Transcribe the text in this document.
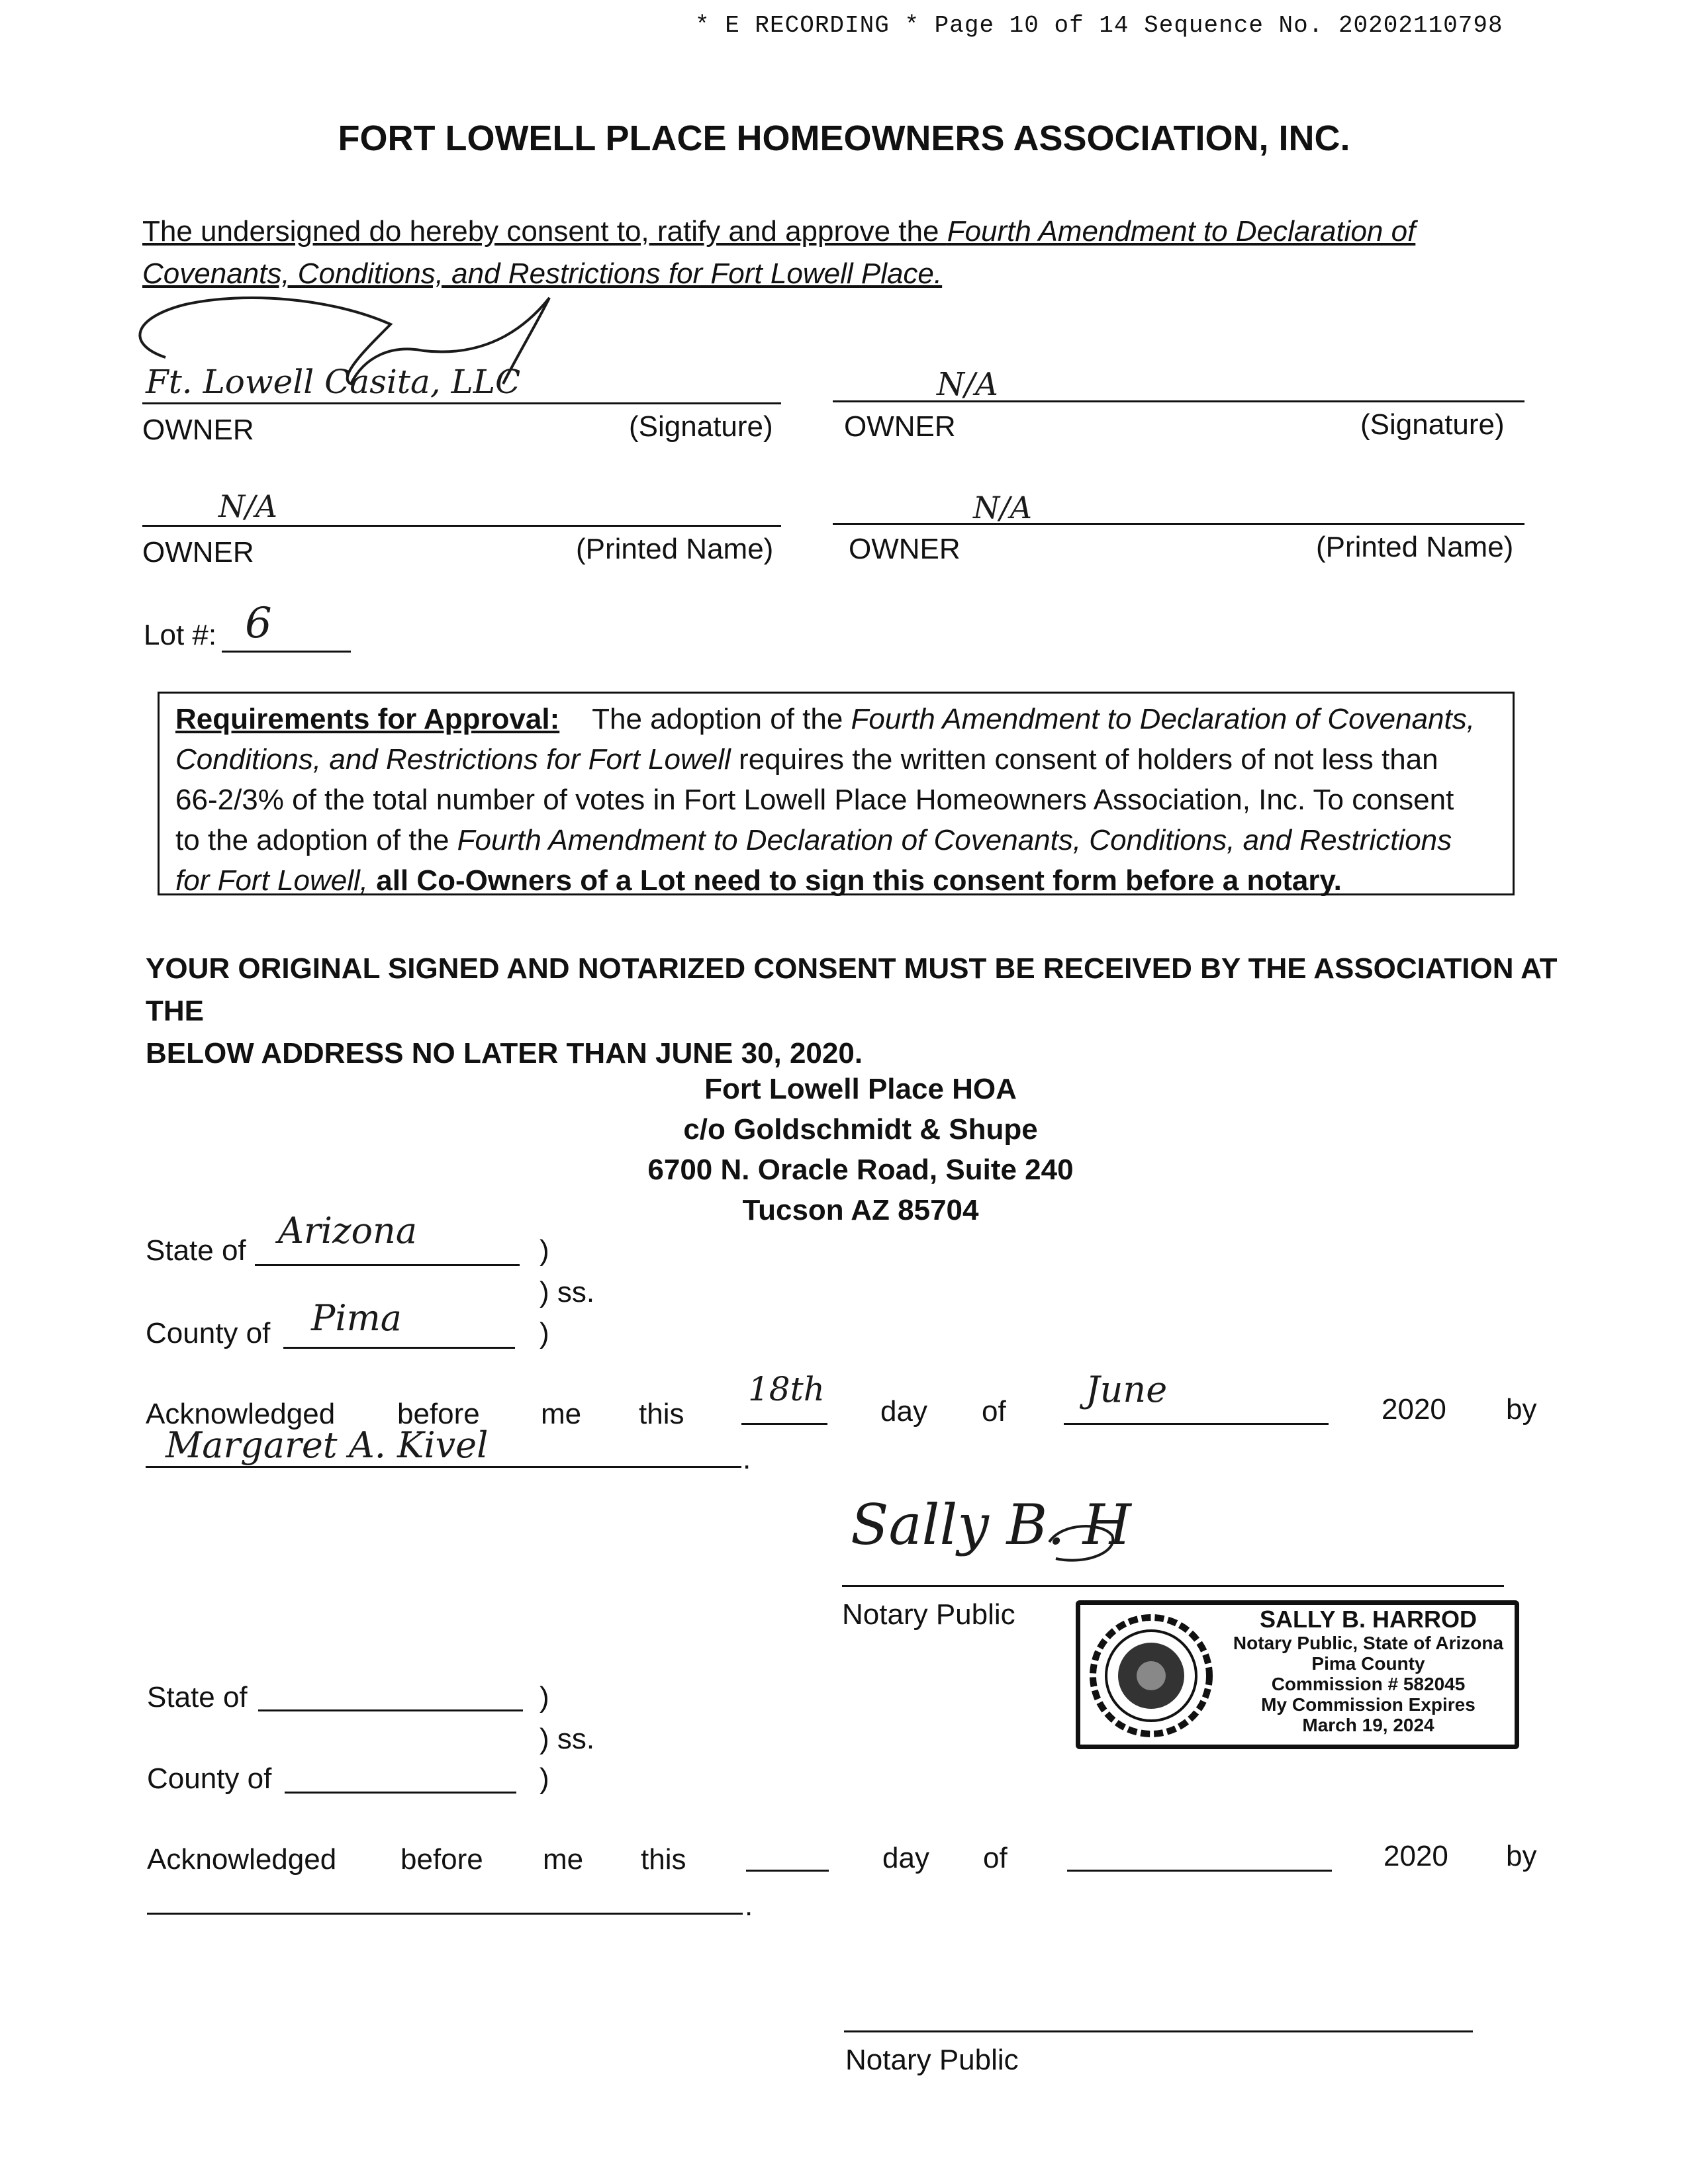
* E RECORDING * Page 10 of 14 Sequence No. 20202110798
FORT LOWELL PLACE HOMEOWNERS ASSOCIATION, INC.
The undersigned do hereby consent to, ratify and approve the Fourth Amendment to Declaration of
Covenants, Conditions, and Restrictions for Fort Lowell Place.
Ft. Lowell Casita, LLC
OWNER	(Signature)
N/A
OWNER	(Signature)
N/A
OWNER	(Printed Name)
N/A
OWNER	(Printed Name)
Lot #: 6
Requirements for Approval: The adoption of the Fourth Amendment to Declaration of Covenants,
Conditions, and Restrictions for Fort Lowell requires the written consent of holders of not less than
66-2/3% of the total number of votes in Fort Lowell Place Homeowners Association, Inc. To consent
to the adoption of the Fourth Amendment to Declaration of Covenants, Conditions, and Restrictions
for Fort Lowell, all Co-Owners of a Lot need to sign this consent form before a notary.
YOUR ORIGINAL SIGNED AND NOTARIZED CONSENT MUST BE RECEIVED BY THE ASSOCIATION AT THE
BELOW ADDRESS NO LATER THAN JUNE 30, 2020.
Fort Lowell Place HOA
c/o Goldschmidt & Shupe
6700 N. Oracle Road, Suite 240
Tucson AZ 85704
State of Arizona	)
) ss.
County of Pima	)
Acknowledged before me this
18th
day of
June	2020 by
Margaret A. Kivel	.
Sally B. H
Notary Public	SALLY B. HARROD
Notary Public, State of Arizona
Pima County
Commission # 582045
My Commission Expires
March 19, 2024
State of	)
) ss.
County of	)
Acknowledged before me this	day of	2020 by
.
Notary Public
